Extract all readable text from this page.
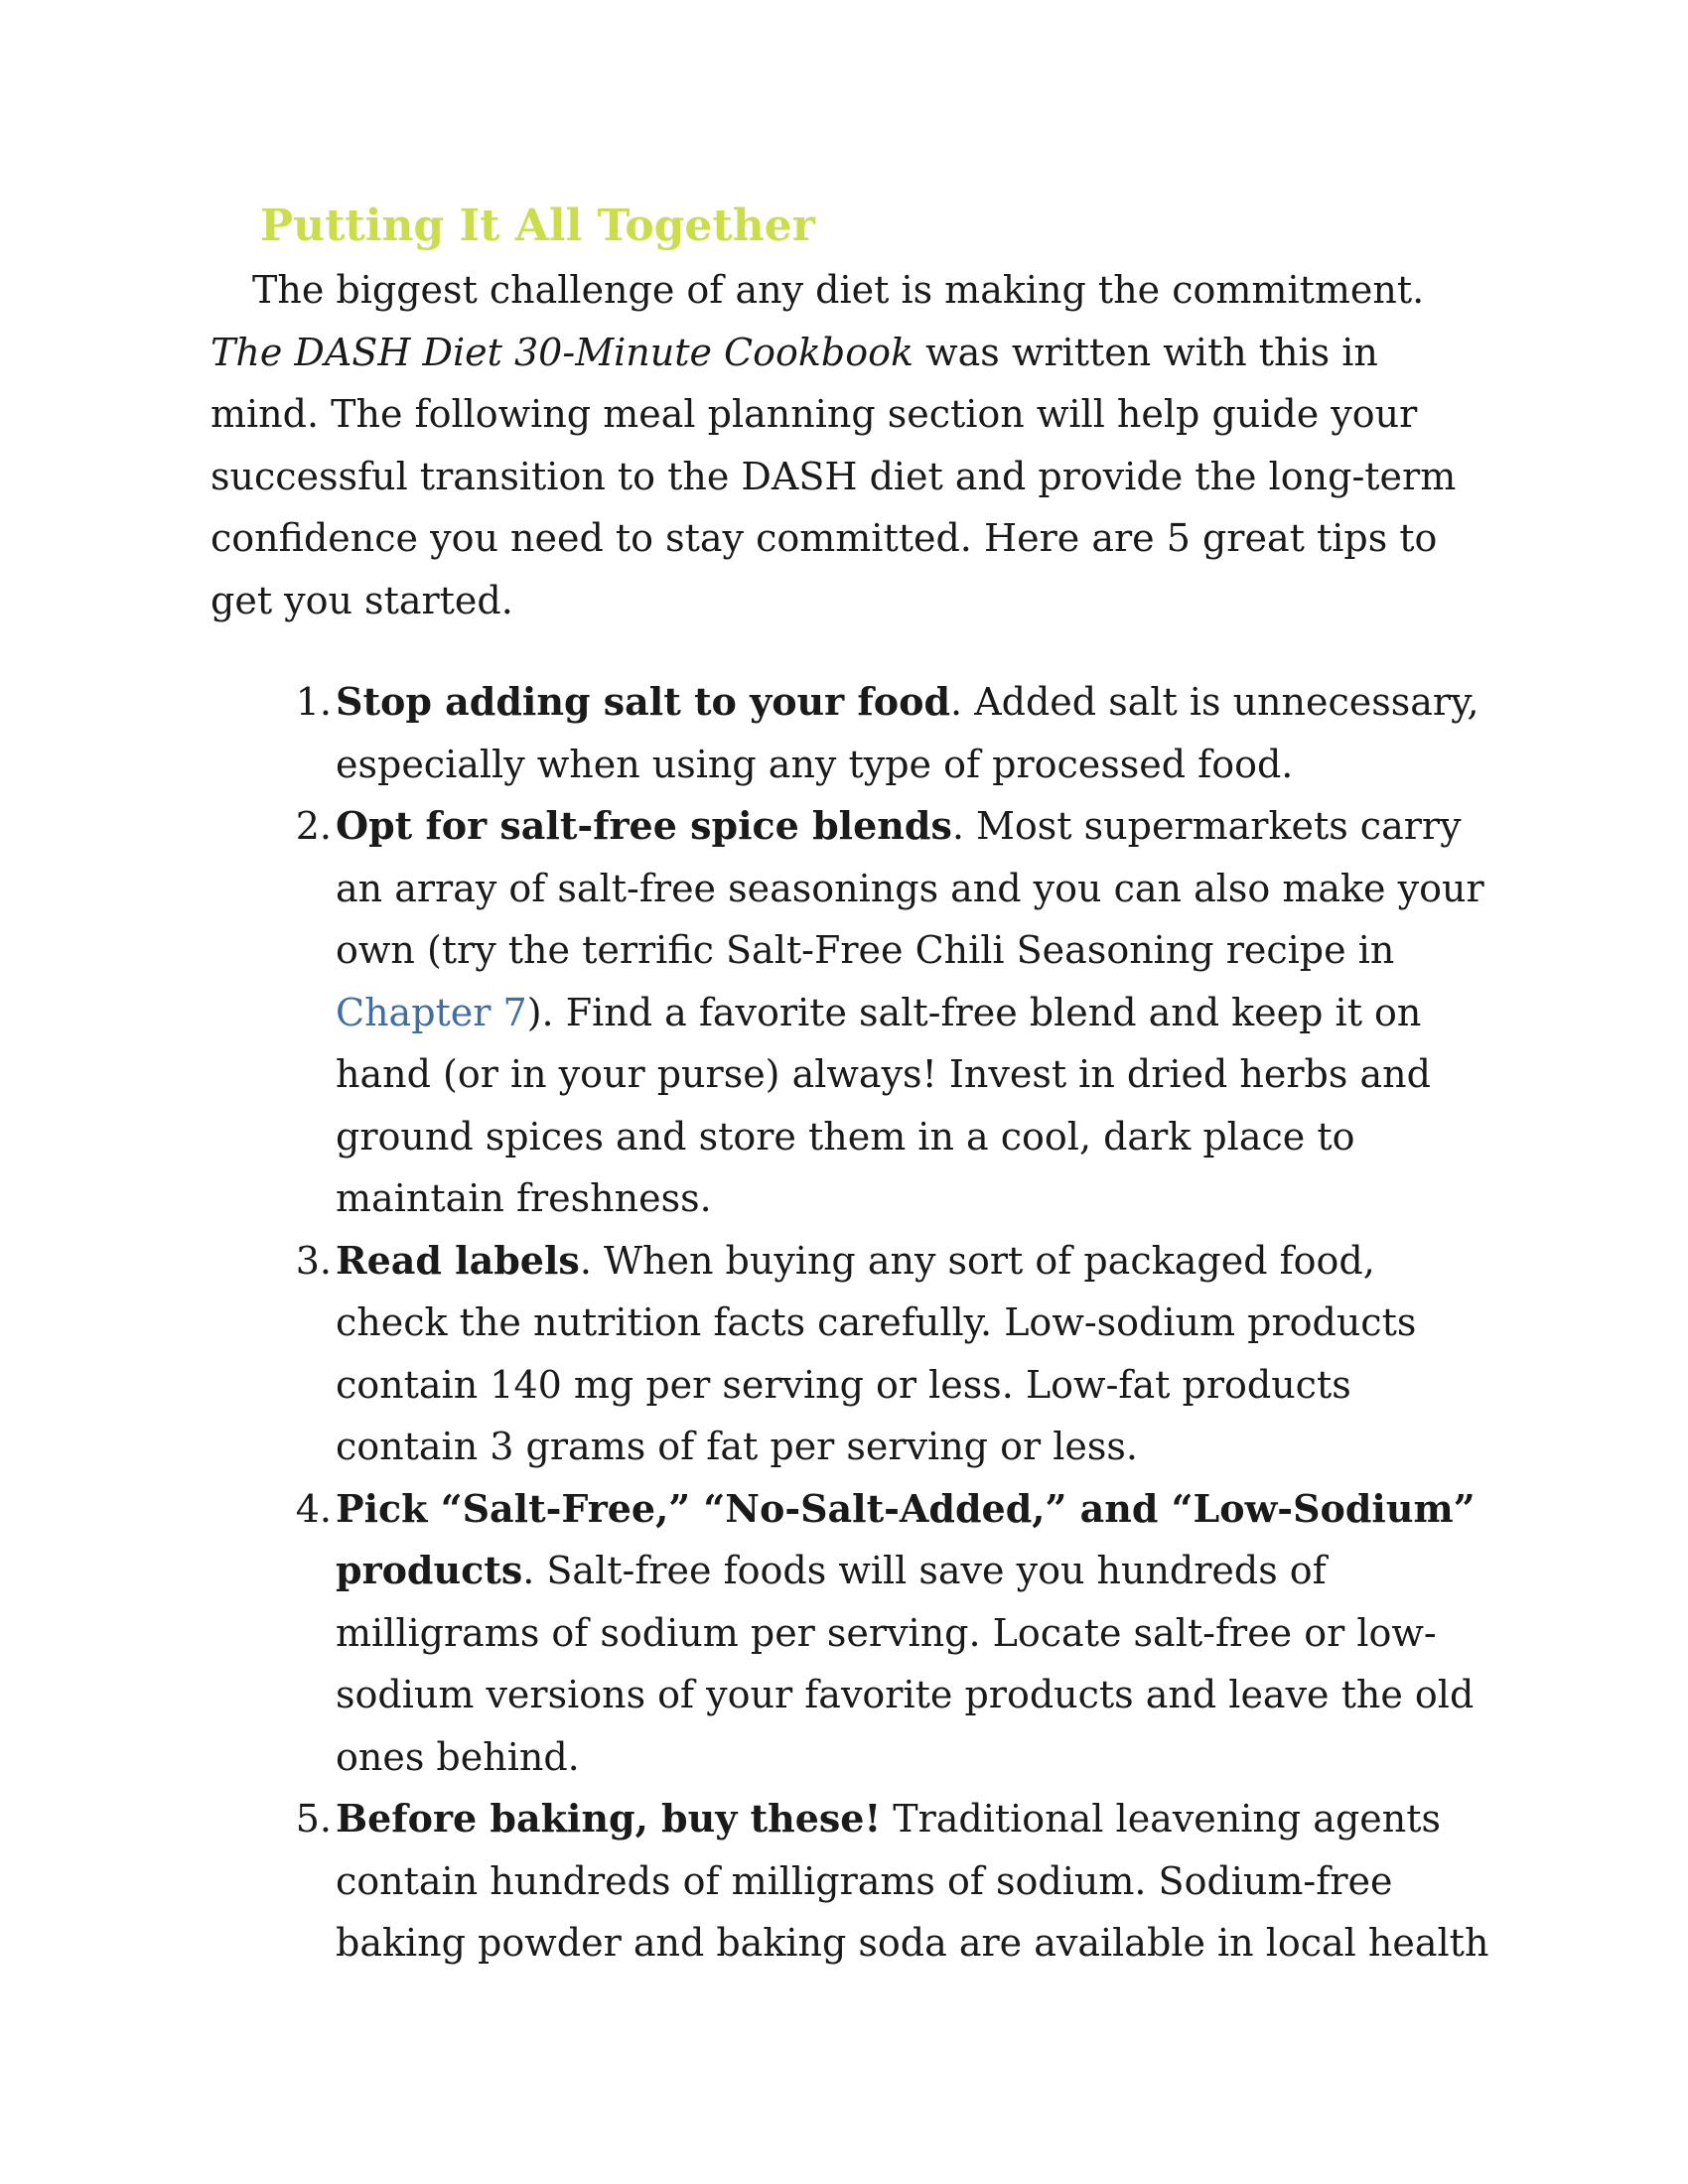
Putting It All Together

The biggest challenge of any diet is making the commitment. The DASH Diet 30-Minute Cookbook was written with this in mind. The following meal planning section will help guide your successful transition to the DASH diet and provide the long-term confidence you need to stay committed. Here are 5 great tips to get you started.

1. Stop adding salt to your food. Added salt is unnecessary, especially when using any type of processed food.
2. Opt for salt-free spice blends. Most supermarkets carry an array of salt-free seasonings and you can also make your own (try the terrific Salt-Free Chili Seasoning recipe in Chapter 7). Find a favorite salt-free blend and keep it on hand (or in your purse) always! Invest in dried herbs and ground spices and store them in a cool, dark place to maintain freshness.
3. Read labels. When buying any sort of packaged food, check the nutrition facts carefully. Low-sodium products contain 140 mg per serving or less. Low-fat products contain 3 grams of fat per serving or less.
4. Pick “Salt-Free,” “No-Salt-Added,” and “Low-Sodium” products. Salt-free foods will save you hundreds of milligrams of sodium per serving. Locate salt-free or low-sodium versions of your favorite products and leave the old ones behind.
5. Before baking, buy these! Traditional leavening agents contain hundreds of milligrams of sodium. Sodium-free baking powder and baking soda are available in local health
